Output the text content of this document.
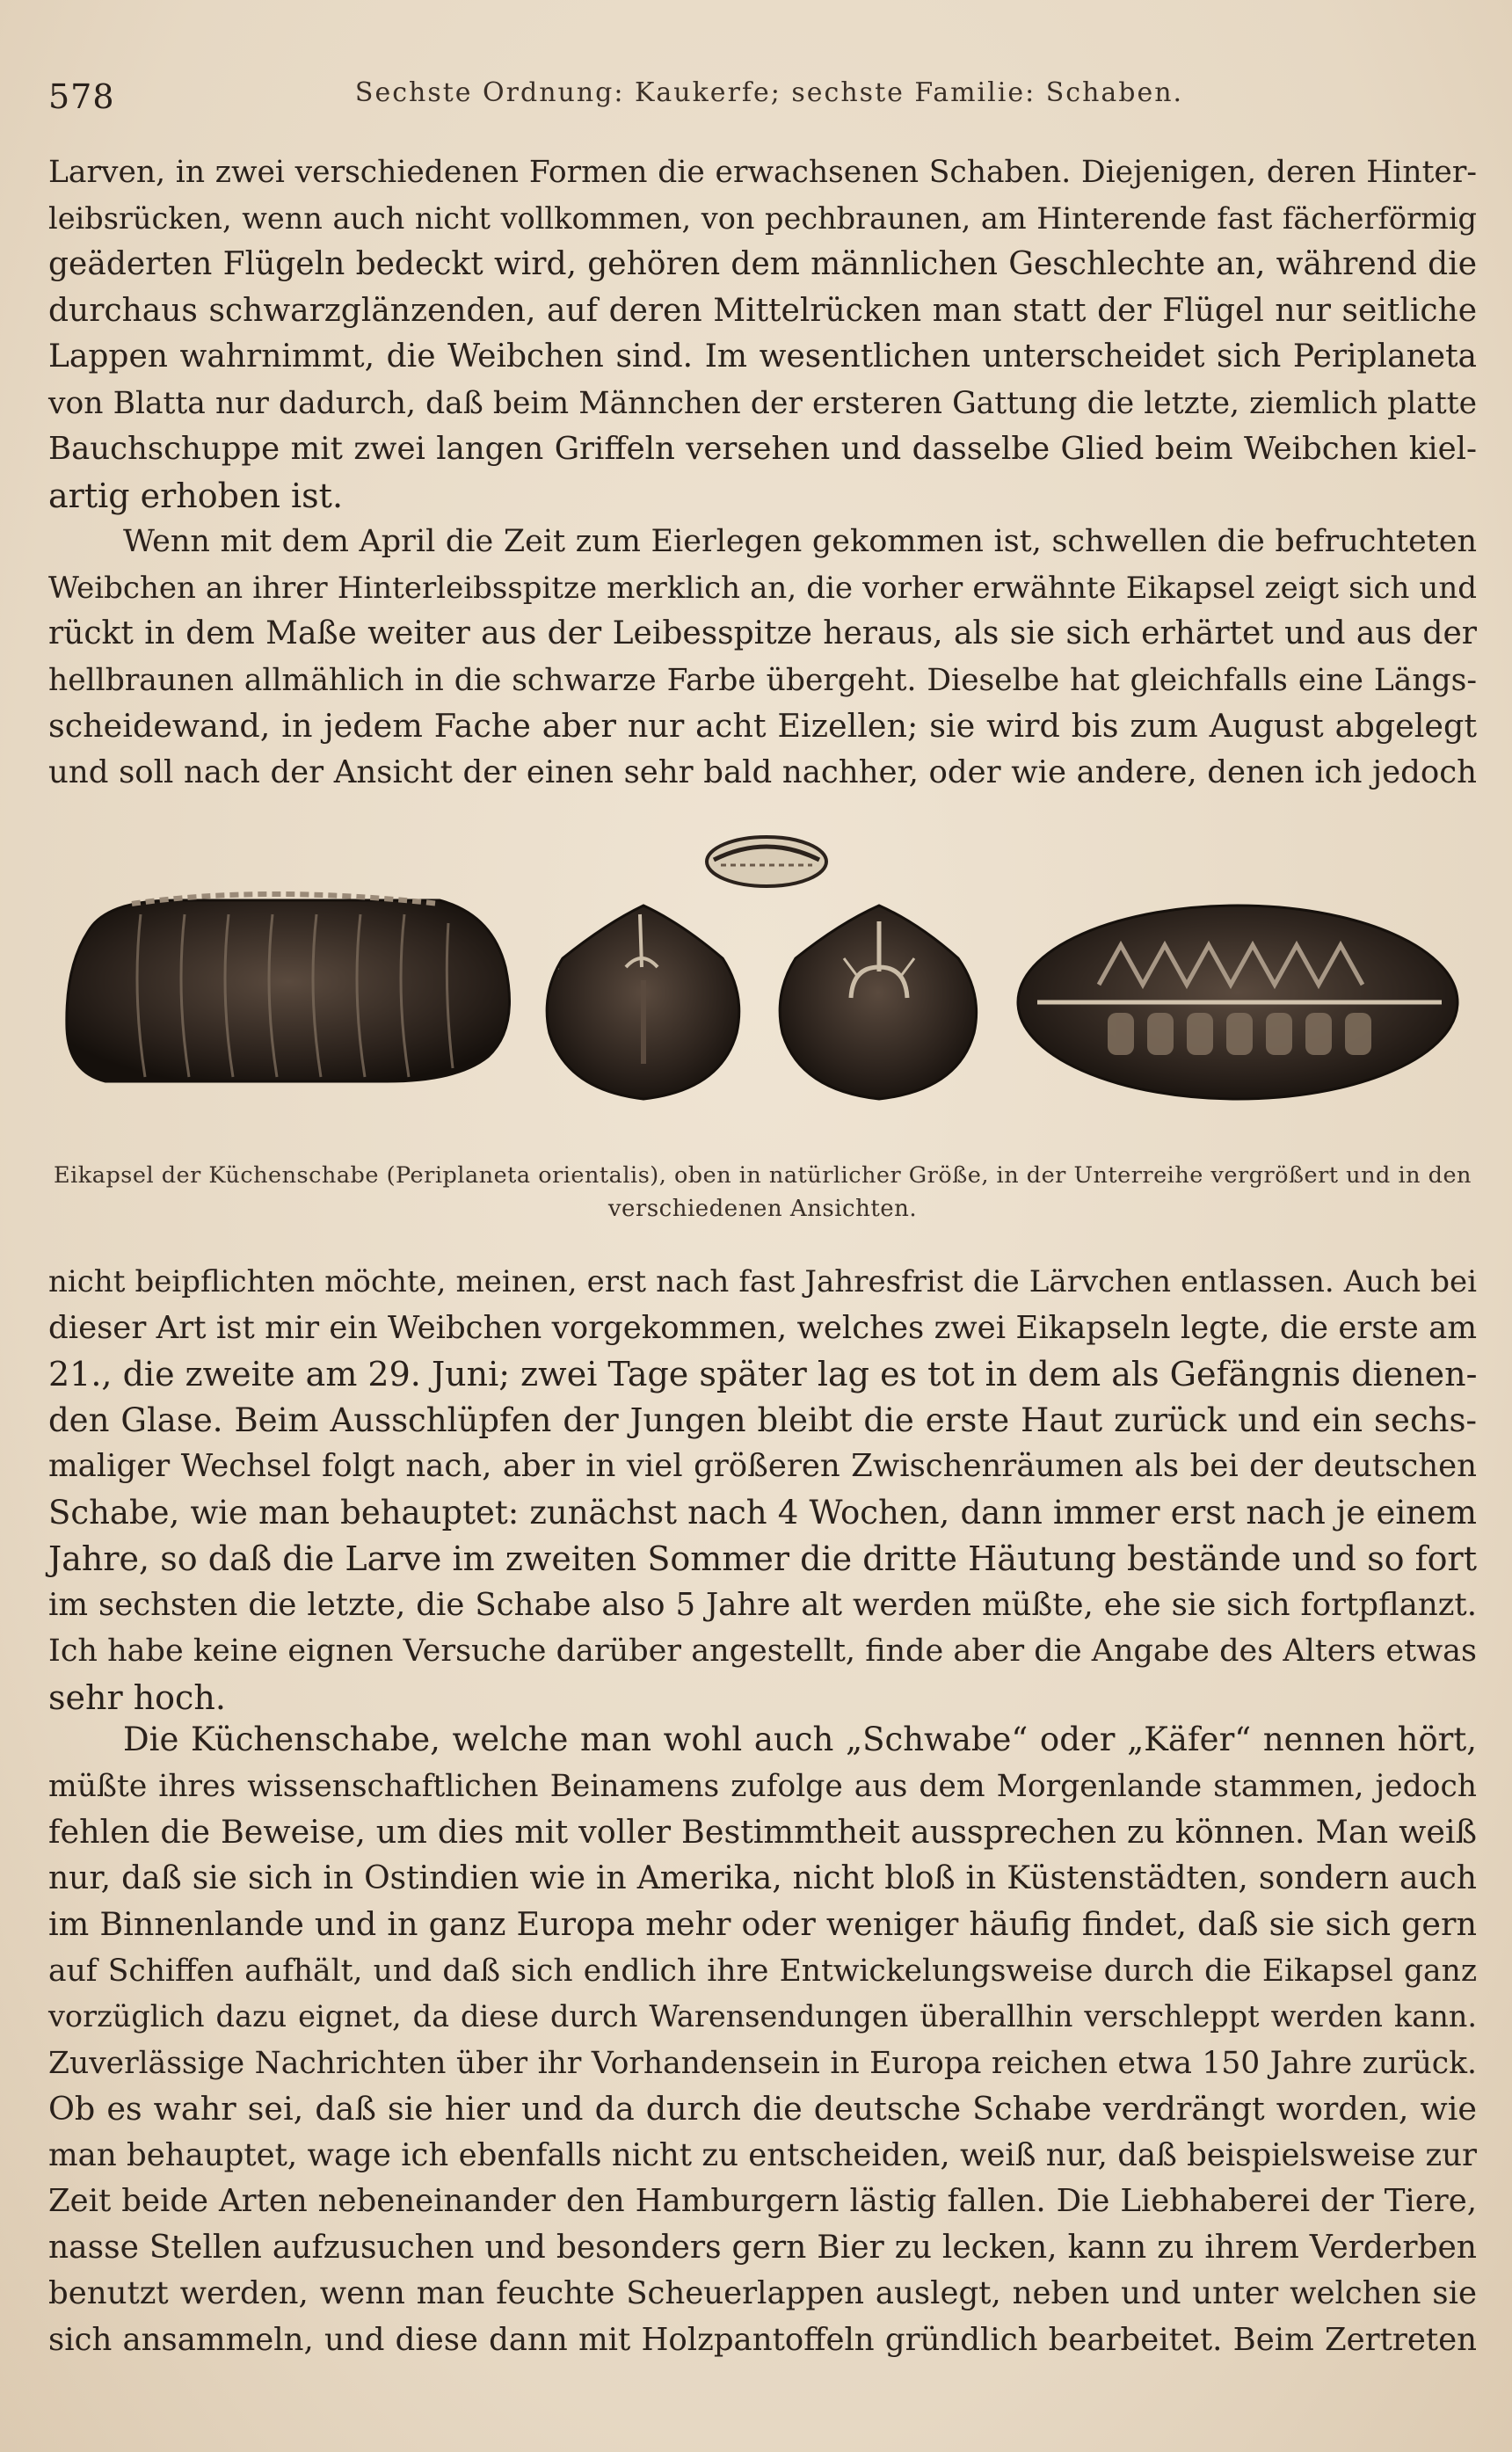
578	Sechste Ordnung: Kaukerfe; sechste Familie: Schaben.
Larven, in zwei verschiedenen Formen die erwachsenen Schaben. Diejenigen, deren Hinter-
leibsrücken, wenn auch nicht vollkommen, von pechbraunen, am Hinterende fast fächerförmig
geäderten Flügeln bedeckt wird, gehören dem männlichen Geschlechte an, während die
durchaus schwarzglänzenden, auf deren Mittelrücken man statt der Flügel nur seitliche
Lappen wahrnimmt, die Weibchen sind. Im wesentlichen unterscheidet sich Periplaneta
von Blatta nur dadurch, daß beim Männchen der ersteren Gattung die letzte, ziemlich platte
Bauchschuppe mit zwei langen Griffeln versehen und dasselbe Glied beim Weibchen kiel-
artig erhoben ist.
Wenn mit dem April die Zeit zum Eierlegen gekommen ist, schwellen die befruchteten
Weibchen an ihrer Hinterleibsspitze merklich an, die vorher erwähnte Eikapsel zeigt sich und
rückt in dem Maße weiter aus der Leibesspitze heraus, als sie sich erhärtet und aus der
hellbraunen allmählich in die schwarze Farbe übergeht. Dieselbe hat gleichfalls eine Längs-
scheidewand, in jedem Fache aber nur acht Eizellen; sie wird bis zum August abgelegt
und soll nach der Ansicht der einen sehr bald nachher, oder wie andere, denen ich jedoch
Eikapsel der Küchenschabe (Periplaneta orientalis), oben in natürlicher Größe, in der Unterreihe vergrößert und in den
verschiedenen Ansichten.
nicht beipflichten möchte, meinen, erst nach fast Jahresfrist die Lärvchen entlassen. Auch bei
dieser Art ist mir ein Weibchen vorgekommen, welches zwei Eikapseln legte, die erste am
21., die zweite am 29. Juni; zwei Tage später lag es tot in dem als Gefängnis dienen-
den Glase. Beim Ausschlüpfen der Jungen bleibt die erste Haut zurück und ein sechs-
maliger Wechsel folgt nach, aber in viel größeren Zwischenräumen als bei der deutschen
Schabe, wie man behauptet: zunächst nach 4 Wochen, dann immer erst nach je einem
Jahre, so daß die Larve im zweiten Sommer die dritte Häutung bestände und so fort
im sechsten die letzte, die Schabe also 5 Jahre alt werden müßte, ehe sie sich fortpflanzt.
Ich habe keine eignen Versuche darüber angestellt, finde aber die Angabe des Alters etwas
sehr hoch.
Die Küchenschabe, welche man wohl auch „Schwabe“ oder „Käfer“ nennen hört,
müßte ihres wissenschaftlichen Beinamens zufolge aus dem Morgenlande stammen, jedoch
fehlen die Beweise, um dies mit voller Bestimmtheit aussprechen zu können. Man weiß
nur, daß sie sich in Ostindien wie in Amerika, nicht bloß in Küstenstädten, sondern auch
im Binnenlande und in ganz Europa mehr oder weniger häufig findet, daß sie sich gern
auf Schiffen aufhält, und daß sich endlich ihre Entwickelungsweise durch die Eikapsel ganz
vorzüglich dazu eignet, da diese durch Warensendungen überallhin verschleppt werden kann.
Zuverlässige Nachrichten über ihr Vorhandensein in Europa reichen etwa 150 Jahre zurück.
Ob es wahr sei, daß sie hier und da durch die deutsche Schabe verdrängt worden, wie
man behauptet, wage ich ebenfalls nicht zu entscheiden, weiß nur, daß beispielsweise zur
Zeit beide Arten nebeneinander den Hamburgern lästig fallen. Die Liebhaberei der Tiere,
nasse Stellen aufzusuchen und besonders gern Bier zu lecken, kann zu ihrem Verderben
benutzt werden, wenn man feuchte Scheuerlappen auslegt, neben und unter welchen sie
sich ansammeln, und diese dann mit Holzpantoffeln gründlich bearbeitet. Beim Zertreten
